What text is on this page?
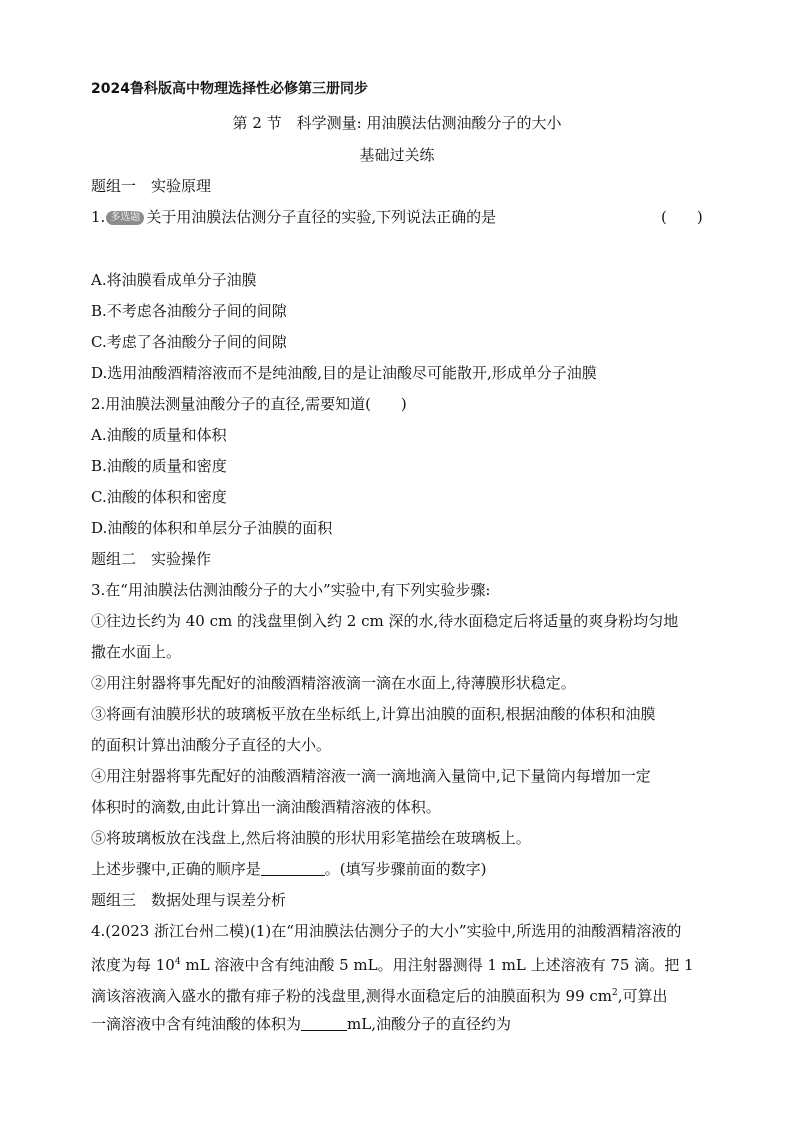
2024鲁科版高中物理选择性必修第三册同步
第 2 节　科学测量: 用油膜法估测油酸分子的大小
基础过关练
题组一　实验原理
1. 多选题 关于用油膜法估测分子直径的实验,下列说法正确的是	(　　)
A.将油膜看成单分子油膜
B.不考虑各油酸分子间的间隙
C.考虑了各油酸分子间的间隙
D.选用油酸酒精溶液而不是纯油酸,目的是让油酸尽可能散开,形成单分子油膜
2.用油膜法测量油酸分子的直径,需要知道(　　)
A.油酸的质量和体积
B.油酸的质量和密度
C.油酸的体积和密度
D.油酸的体积和单层分子油膜的面积
题组二　实验操作
3.在“用油膜法估测油酸分子的大小”实验中,有下列实验步骤:
①往边长约为 40 cm 的浅盘里倒入约 2 cm 深的水,待水面稳定后将适量的爽身粉均匀地
撒在水面上。
②用注射器将事先配好的油酸酒精溶液滴一滴在水面上,待薄膜形状稳定。
③将画有油膜形状的玻璃板平放在坐标纸上,计算出油膜的面积,根据油酸的体积和油膜
的面积计算出油酸分子直径的大小。
④用注射器将事先配好的油酸酒精溶液一滴一滴地滴入量筒中,记下量筒内每增加一定
体积时的滴数,由此计算出一滴油酸酒精溶液的体积。
⑤将玻璃板放在浅盘上,然后将油膜的形状用彩笔描绘在玻璃板上。
上述步骤中,正确的顺序是	。(填写步骤前面的数字)
题组三　数据处理与误差分析
4.(2023 浙江台州二模)(1)在“用油膜法估测分子的大小”实验中,所选用的油酸酒精溶液的
浓度为每 $10^4$ mL 溶液中含有纯油酸 5 mL。用注射器测得 1 mL 上述溶液有 75 滴。把 1
滴该溶液滴入盛水的撒有痱子粉的浅盘里,测得水面稳定后的油膜面积为 99 $cm^2$,可算出
一滴溶液中含有纯油酸的体积为	mL,油酸分子的直径约为
